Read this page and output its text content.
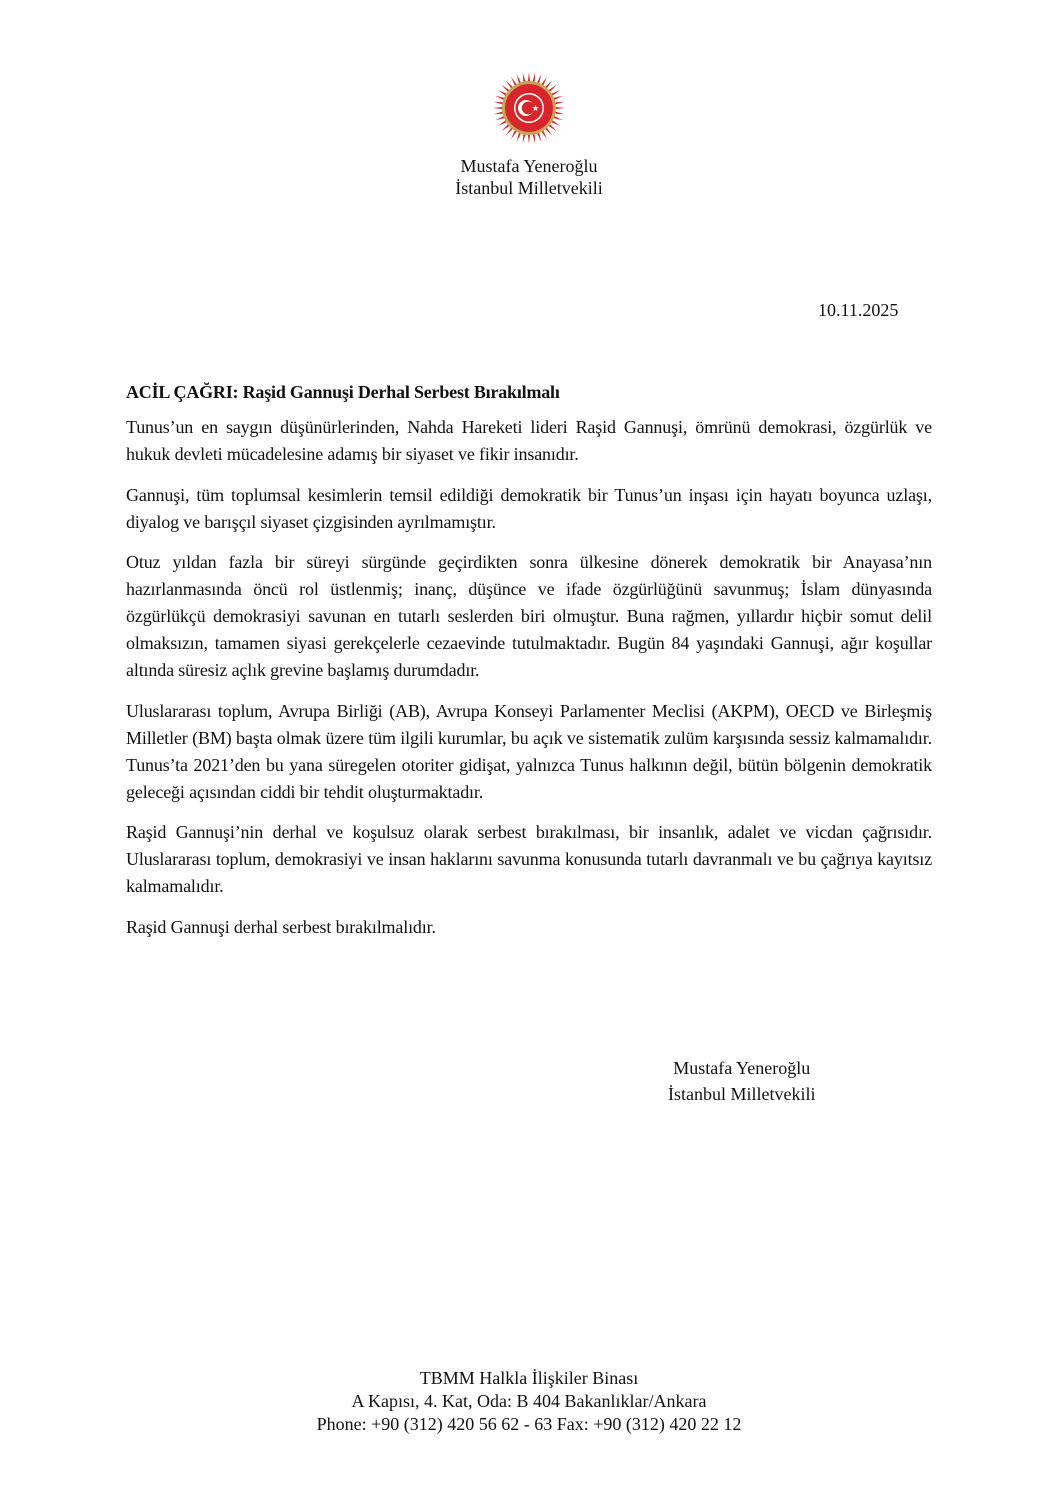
Mustafa Yeneroğlu
İstanbul Milletvekili
10.11.2025
ACİL ÇAĞRI: Raşid Gannuşi Derhal Serbest Bırakılmalı

Tunus’un en saygın düşünürlerinden, Nahda Hareketi lideri Raşid Gannuşi, ömrünü demokrasi, özgürlük ve hukuk devleti mücadelesine adamış bir siyaset ve fikir insanıdır.

Gannuşi, tüm toplumsal kesimlerin temsil edildiği demokratik bir Tunus’un inşası için hayatı boyunca uzlaşı, diyalog ve barışçıl siyaset çizgisinden ayrılmamıştır.

Otuz yıldan fazla bir süreyi sürgünde geçirdikten sonra ülkesine dönerek demokratik bir Anayasa’nın hazırlanmasında öncü rol üstlenmiş; inanç, düşünce ve ifade özgürlüğünü savunmuş; İslam dünyasında özgürlükçü demokrasiyi savunan en tutarlı seslerden biri olmuştur. Buna rağmen, yıllardır hiçbir somut delil olmaksızın, tamamen siyasi gerekçelerle cezaevinde tutulmaktadır. Bugün 84 yaşındaki Gannuşi, ağır koşullar altında süresiz açlık grevine başlamış durumdadır.

Uluslararası toplum, Avrupa Birliği (AB), Avrupa Konseyi Parlamenter Meclisi (AKPM), OECD ve Birleşmiş Milletler (BM) başta olmak üzere tüm ilgili kurumlar, bu açık ve sistematik zulüm karşısında sessiz kalmamalıdır. Tunus’ta 2021’den bu yana süregelen otoriter gidişat, yalnızca Tunus halkının değil, bütün bölgenin demokratik geleceği açısından ciddi bir tehdit oluşturmaktadır.

Raşid Gannuşi’nin derhal ve koşulsuz olarak serbest bırakılması, bir insanlık, adalet ve vicdan çağrısıdır. Uluslararası toplum, demokrasiyi ve insan haklarını savunma konusunda tutarlı davranmalı ve bu çağrıya kayıtsız kalmamalıdır.

Raşid Gannuşi derhal serbest bırakılmalıdır.

Mustafa Yeneroğlu
İstanbul Milletvekili
TBMM Halkla İlişkiler Binası
A Kapısı, 4. Kat, Oda: B 404 Bakanlıklar/Ankara
Phone: +90 (312) 420 56 62 - 63 Fax: +90 (312) 420 22 12
